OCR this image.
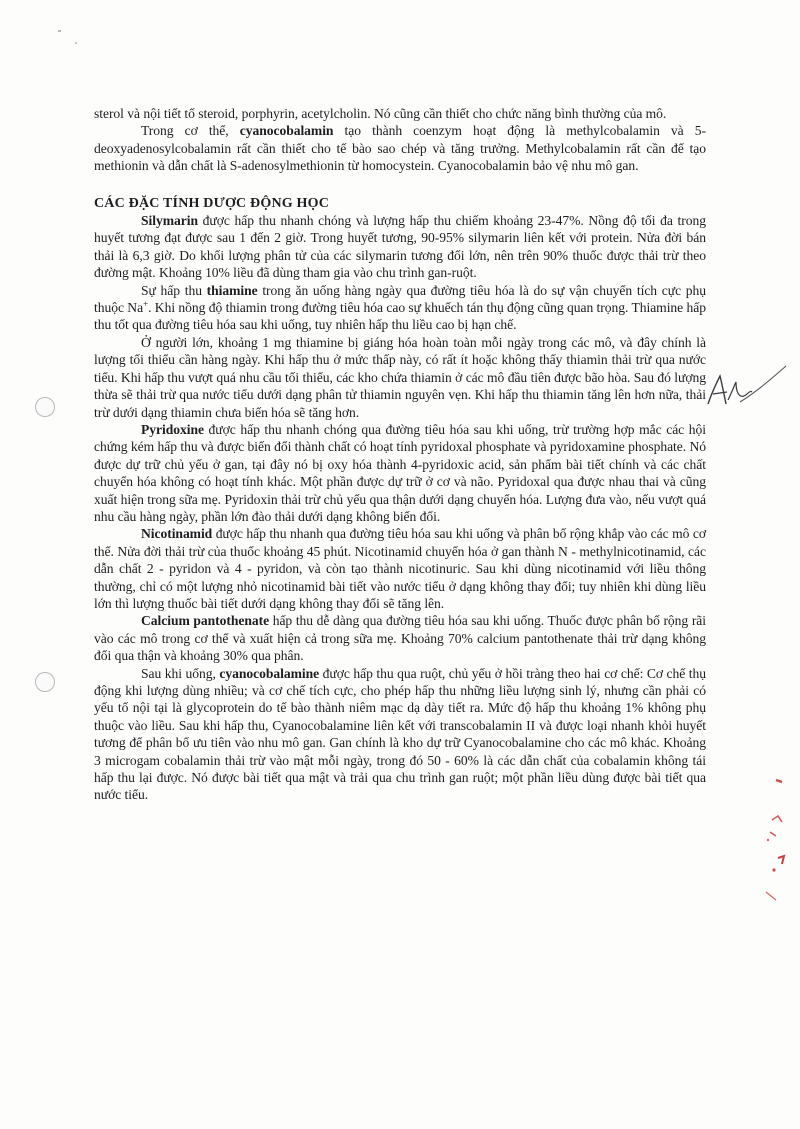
sterol và nội tiết tố steroid, porphyrin, acetylcholin. Nó cũng cần thiết cho chức năng bình thường của mô.

Trong cơ thể, cyanocobalamin tạo thành coenzym hoạt động là methylcobalamin và 5-deoxyadenosylcobalamin rất cần thiết cho tế bào sao chép và tăng trưởng. Methylcobalamin rất cần để tạo methionin và dẫn chất là S-adenosylmethionin từ homocystein. Cyanocobalamin bảo vệ nhu mô gan.

CÁC ĐẶC TÍNH DƯỢC ĐỘNG HỌC

Silymarin được hấp thu nhanh chóng và lượng hấp thu chiếm khoảng 23-47%. Nồng độ tối đa trong huyết tương đạt được sau 1 đến 2 giờ. Trong huyết tương, 90-95% silymarin liên kết với protein. Nửa đời bán thải là 6,3 giờ. Do khối lượng phân tử của các silymarin tương đối lớn, nên trên 90% thuốc được thải trừ theo đường mật. Khoảng 10% liều đã dùng tham gia vào chu trình gan-ruột.

Sự hấp thu thiamine trong ăn uống hàng ngày qua đường tiêu hóa là do sự vận chuyển tích cực phụ thuộc Na+. Khi nồng độ thiamin trong đường tiêu hóa cao sự khuếch tán thụ động cũng quan trọng. Thiamine hấp thu tốt qua đường tiêu hóa sau khi uống, tuy nhiên hấp thu liều cao bị hạn chế.

Ở người lớn, khoảng 1 mg thiamine bị giáng hóa hoàn toàn mỗi ngày trong các mô, và đây chính là lượng tối thiểu cần hàng ngày. Khi hấp thu ở mức thấp này, có rất ít hoặc không thấy thiamin thải trừ qua nước tiểu. Khi hấp thu vượt quá nhu cầu tối thiểu, các kho chứa thiamin ở các mô đầu tiên được bão hòa. Sau đó lượng thừa sẽ thải trừ qua nước tiểu dưới dạng phân tử thiamin nguyên vẹn. Khi hấp thu thiamin tăng lên hơn nữa, thải trừ dưới dạng thiamin chưa biến hóa sẽ tăng hơn.

Pyridoxine được hấp thu nhanh chóng qua đường tiêu hóa sau khi uống, trừ trường hợp mắc các hội chứng kém hấp thu và được biến đổi thành chất có hoạt tính pyridoxal phosphate và pyridoxamine phosphate. Nó được dự trữ chủ yếu ở gan, tại đây nó bị oxy hóa thành 4-pyridoxic acid, sản phẩm bài tiết chính và các chất chuyển hóa không có hoạt tính khác. Một phần được dự trữ ở cơ và não. Pyridoxal qua được nhau thai và cũng xuất hiện trong sữa mẹ. Pyridoxin thải trừ chủ yếu qua thận dưới dạng chuyển hóa. Lượng đưa vào, nếu vượt quá nhu cầu hàng ngày, phần lớn đào thải dưới dạng không biến đổi.

Nicotinamid được hấp thu nhanh qua đường tiêu hóa sau khi uống và phân bố rộng khắp vào các mô cơ thể. Nửa đời thải trừ của thuốc khoảng 45 phút. Nicotinamid chuyển hóa ở gan thành N - methylnicotinamid, các dẫn chất 2 - pyridon và 4 - pyridon, và còn tạo thành nicotinuric. Sau khi dùng nicotinamid với liều thông thường, chỉ có một lượng nhỏ nicotinamid bài tiết vào nước tiểu ở dạng không thay đổi; tuy nhiên khi dùng liều lớn thì lượng thuốc bài tiết dưới dạng không thay đổi sẽ tăng lên.

Calcium pantothenate hấp thu dễ dàng qua đường tiêu hóa sau khi uống. Thuốc được phân bố rộng rãi vào các mô trong cơ thể và xuất hiện cả trong sữa mẹ. Khoảng 70% calcium pantothenate thải trừ dạng không đổi qua thận và khoảng 30% qua phân.

Sau khi uống, cyanocobalamine được hấp thu qua ruột, chủ yếu ở hồi tràng theo hai cơ chế: Cơ chế thụ động khi lượng dùng nhiều; và cơ chế tích cực, cho phép hấp thu những liều lượng sinh lý, nhưng cần phải có yếu tố nội tại là glycoprotein do tế bào thành niêm mạc dạ dày tiết ra. Mức độ hấp thu khoảng 1% không phụ thuộc vào liều. Sau khi hấp thu, Cyanocobalamine liên kết với transcobalamin II và được loại nhanh khỏi huyết tương để phân bố ưu tiên vào nhu mô gan. Gan chính là kho dự trữ Cyanocobalamine cho các mô khác. Khoảng 3 microgam cobalamin thải trừ vào mật mỗi ngày, trong đó 50 - 60% là các dẫn chất của cobalamin không tái hấp thu lại được. Nó được bài tiết qua mật và trải qua chu trình gan ruột; một phần liều dùng được bài tiết qua nước tiểu.
